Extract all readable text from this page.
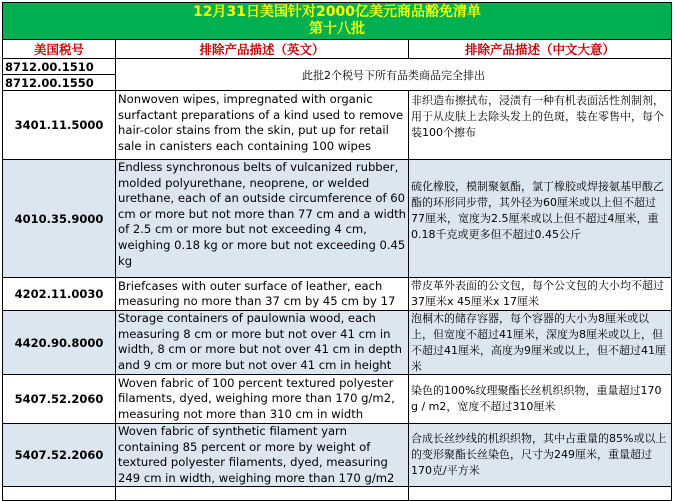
12月31日美国针对2000亿美元商品豁免清单
第十八批		

美国税号	排除产品描述（英文）	排除产品描述（中文大意）
8712.00.1510	此批2个税号下所有品类商品完全排出	
8712.00.1550		
3401.11.5000	Nonwoven wipes, impregnated with organic surfactant preparations of a kind used to remove hair-color stains from the skin, put up for retail sale in canisters each containing 100 wipes	非织造布擦拭布，浸渍有一种有机表面活性剂制剂，用于从皮肤上去除头发上的色斑，装在零售中，每个装100个擦布

4010.35.9000	Endless synchronous belts of vulcanized rubber, molded polyurethane, neoprene, or welded urethane, each of an outside circumference of 60 cm or more but not more than 77 cm and a width of 2.5 cm or more but not exceeding 4 cm, weighing 0.18 kg or more but not exceeding 0.45 kg	硫化橡胶，模制聚氨酯，氯丁橡胶或焊接氨基甲酸乙酯的环形同步带，其外径为60厘米或以上但不超过77厘米，宽度为2.5厘米或以上但不超过4厘米，重0.18千克或更多但不超过0.45公斤

4202.11.0030	Briefcases with outer surface of leather, each measuring no more than 37 cm by 45 cm by 17	带皮革外表面的公文包，每个公文包的大小均不超过37厘米x 45厘米x 17厘米

4420.90.8000	Storage containers of paulownia wood, each measuring 8 cm or more but not over 41 cm in width, 8 cm or more but not over 41 cm in depth and 9 cm or more but not over 41 cm in height	泡桐木的储存容器，每个容器的大小为8厘米或以上，但宽度不超过41厘米，深度为8厘米或以上，但不超过41厘米，高度为9厘米或以上，但不超过41厘米

5407.52.2060	Woven fabric of 100 percent textured polyester filaments, dyed, weighing more than 170 g/m2, measuring not more than 310 cm in width	染色的100%纹理聚酯长丝机织织物，重量超过170 g / m2，宽度不超过310厘米

5407.52.2060	Woven fabric of synthetic filament yarn containing 85 percent or more by weight of textured polyester filaments, dyed, measuring 249 cm in width, weighing more than 170 g/m2	合成长丝纱线的机织织物，其中占重量的85%或以上的变形聚酯长丝染色，尺寸为249厘米，重量超过170克/平方米
